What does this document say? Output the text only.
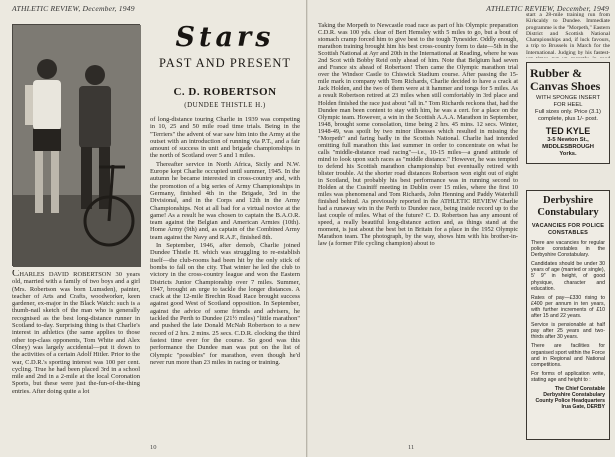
ATHLETIC REVIEW, December, 1949
Stars
PAST AND PRESENT
C. D. ROBERTSON
(DUNDEE THISTLE H.)

CHARLES DAVID ROBERTSON 30 years old, married with a family of two boys and a girl (Mrs. Robertson was born Lumsden), painter, teacher of Arts and Crafts, woodworker, keen gardener, ex-major in the Black Watch: such is a thumb-nail sketch of the man who is generally recognised as the best long-distance runner in Scotland to-day. Surprising thing is that Charlie's interest in athletics (the same applies to those other top-class opponents, Tom White and Alex Olney) was largely accidental—put it down to the activities of a certain Adolf Hitler. Prior to the war, C.D.R.'s sporting interest was 100 per cent. cycling. True he had been placed 3rd in a school mile and 2nd in a 2-mile at the local Coronation Sports, but these were just the-fun-of-the-thing entries. After doing quite a lot

of long-distance touring Charlie in 1939 was competing in 10, 25 and 50 mile road time trials. Being in the "Terriers" the advent of war saw him into the Army at the outset with an introduction of running via P.T., and a fair amount of success in unit and brigade championships in the north of Scotland over 5 and 1 miles.

Thereafter service in North Africa, Sicily and N.W. Europe kept Charlie occupied until summer, 1945. In the autumn he became interested in cross-country and, with the promotion of a big series of Army Championships in Germany, finished 4th in the Brigade, 3rd in the Divisional, and in the Corps and 12th in the Army Championships. Not at all bad for a virtual novice at the game! As a result he was chosen to captain the B.A.O.R. team against the Belgian and American Armies (10th). Home Army (9th) and, as captain of the Combined Army team against the Navy and R.A.F., finished 8th.

In September, 1946, after demob, Charlie joined Dundee Thistle H. which was struggling to re-establish itself—the club-rooms had been hit by the only stick of bombs to fall on the city. That winter he led the club to victory in the cross-country league and won the Eastern Districts Junior Championship over 7 miles. Summer, 1947, brought an urge to tackle the longer distances. A crack at the 12-mile Brechin Road Race brought success against good West of Scotland opposition. In September, against the advice of some friends and advisers, he tackled the Perth to Dundee (21½ miles) "little marathon" and pushed the late Donald McNab Robertson to a new record of 2 hrs. 2 mins. 25 secs. C.D.R. clocking the third fastest time ever for the course. So good was this performance the Dundee man was put on the list of Olympic "possibles" for marathon, even though he'd never run more than 23 miles in racing or training.

10
ATHLETIC REVIEW, December, 1949

Taking the Morpeth to Newcastle road race as part of his Olympic preparation C.D.R. was 100 yds. clear of Bert Hemsley with 5 miles to go, but a bout of stomach cramp forced him to give best to the tough Tynesider. Oddly enough, marathon training brought him his best cross-country form to date—5th in the Scottish National at Ayr and 20th in the International at Reading, where he was 2nd Scot with Bobby Reid only ahead of him. Note that Belgium had seven and France six ahead of Robertson! Then came the Olympic marathon trial over the Windsor Castle to Chiswick Stadium course. After passing the 15-mile mark in company with Tom Richards, Charlie decided to have a crack at Jack Holden, and the two of them were at it hammer and tongs for 5 miles. As a result Robertson retired at 23 miles when still comfortably in 3rd place and Holden finished the race just about "all in." Tom Richards reckons that, had the Dundee man been content to stay with him, he was a cert. for a place on the Olympic team. However, a win in the Scottish A.A.A. Marathon in September, 1948, brought some consolation, time being 2 hrs. 45 mins. 12 secs. Winter, 1948-49, was spoilt by two minor illnesses which resulted in missing the "Morpeth" and faring badly in the Scottish National. Charlie had intended omitting full marathon this last summer in order to concentrate on what he calls "middle-distance road racing"—i.e., 10-15 miles—a grand attitude of mind to look upon such races as "middle distance." However, he was tempted to defend his Scottish marathon championship but eventually retired with blister trouble. At the shorter road distances Robertson won eight out of eight in Scotland, but probably his best performance was in running second to Holden at the Cusiniff meeting in Dublin over 15 miles, where the first 10 miles was phenomenal and Tom Richards, John Henning and Paddy Waterhill finished behind. As previously reported in the ATHLETIC REVIEW Charlie had a runaway win in the Perth to Dundee race, being inside record up to the last couple of miles. What of the future? C. D. Robertson has any amount of speed, a really beautiful long-distance action and, as things stand at the moment, is just about the best bet in Britain for a place in the 1952 Olympic Marathon team. The photograph, by the way, shows him with his brother-in-law (a former Fife cycling champion) about to

start a 28-mile training run from Kirkcaldy to Dundee. Immediate programme is the "Morpeth," Eastern District and Scottish National Championships and, if luck favours, a trip to Brussels in March for the International. Judging by his fastest-

Rubber & Canvas Shoes
WITH SPONGE INSERT
FOR HEEL
Full sizes only. Price (3.1) complete, plus 1/- post.
TED KYLE
3-5 Newton St., MIDDLESBROUGH
Yorks.
Derbyshire Constabulary
VACANCIES FOR POLICE CONSTABLES

There are vacancies for regular police constables in the Derbyshire Constabulary.

Candidates should be under 30 years of age (married or single), 5' 9" in height, of good physique, character and education.

Rates of pay—£330 rising to £400 per annum in ten years, with further increments of £10 after 15 and 22 years.

Service is pensionable at half pay after 25 years and two-thirds after 30 years.

There are facilities for organised sport within the Force and in Regional and National competitions.

For forms of application write, stating age and height to :

The Chief Constable
Derbyshire Constabulary
County Police Headquarters
Irua Gate, DERBY
11
